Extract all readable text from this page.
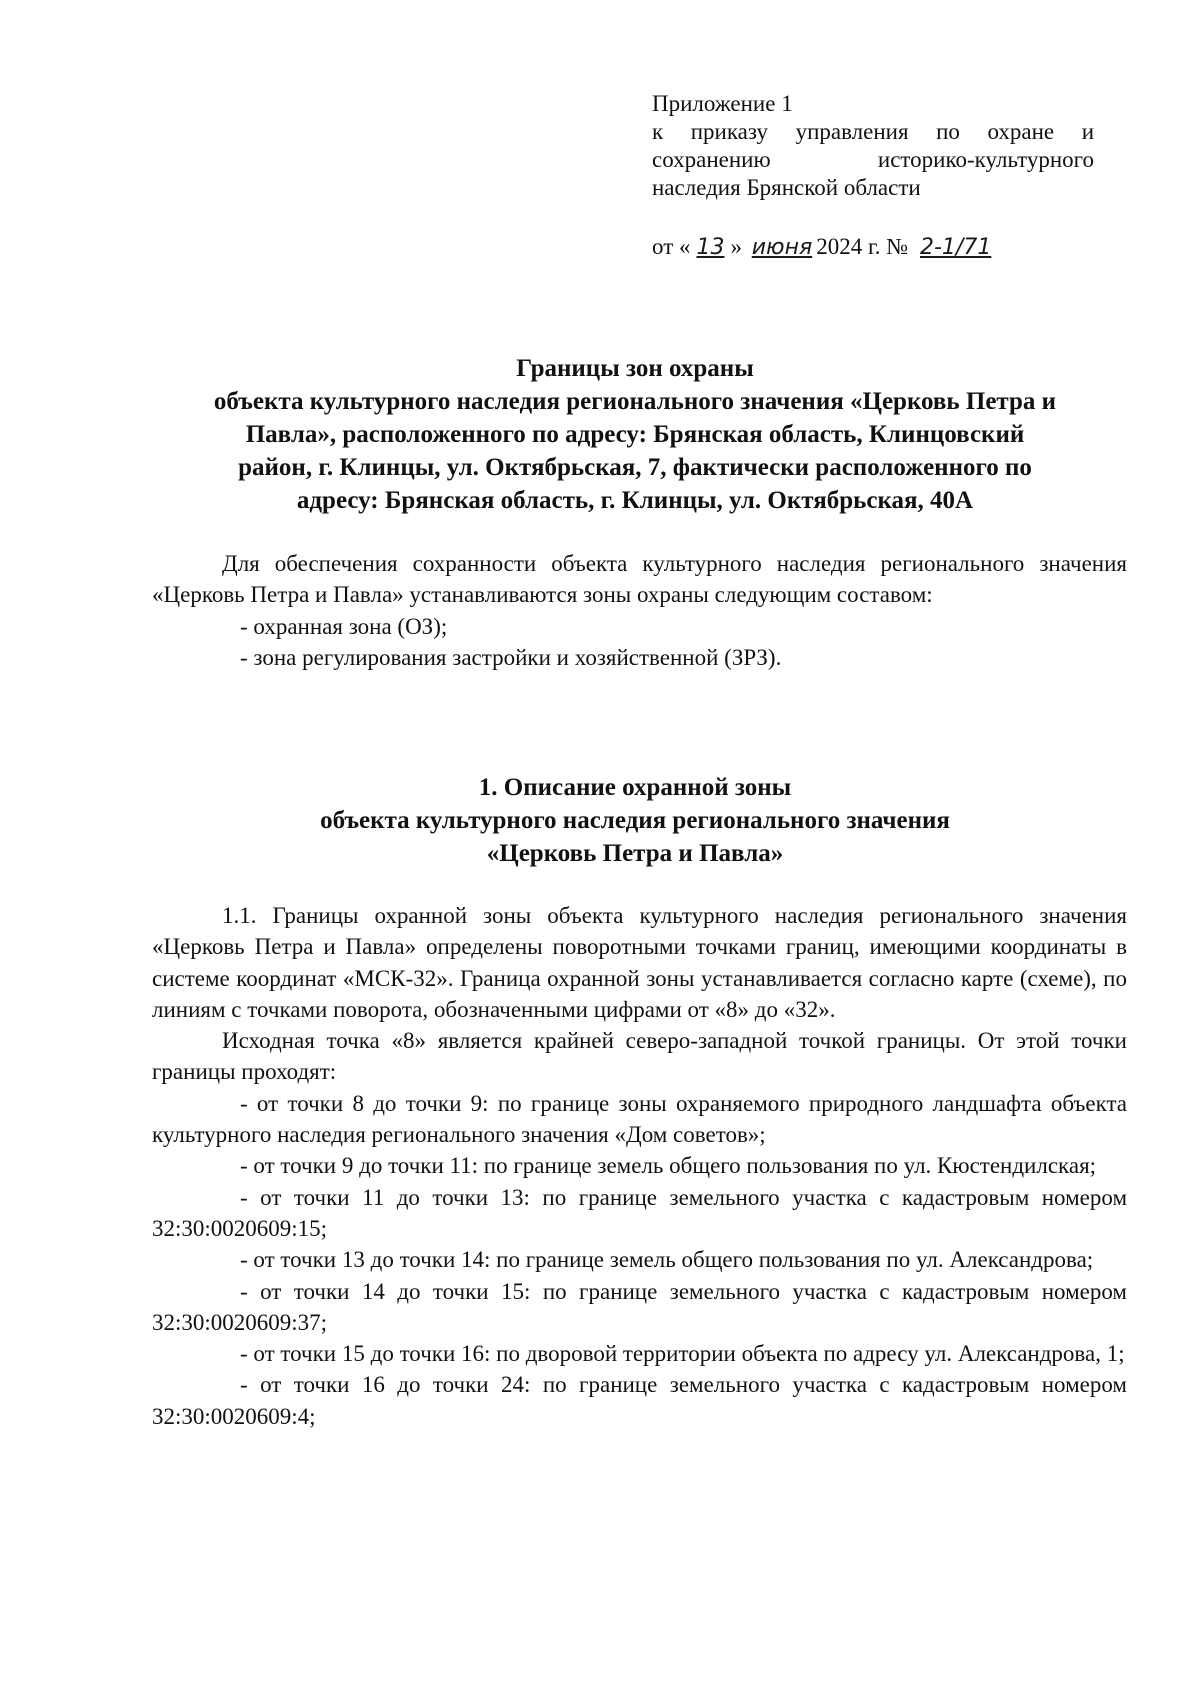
Приложение 1
к приказу управления по охране и
сохранению историко-культурного
наследия Брянской области
от « 13 » июня 2024 г. № 2-1/71
Границы зон охраны
объекта культурного наследия регионального значения «Церковь Петра и
Павла», расположенного по адресу: Брянская область, Клинцовский
район, г. Клинцы, ул. Октябрьская, 7, фактически расположенного по
адресу: Брянская область, г. Клинцы, ул. Октябрьская, 40А

Для обеспечения сохранности объекта культурного наследия регионального значения «Церковь Петра и Павла» устанавливаются зоны охраны следующим составом:

- охранная зона (ОЗ);

- зона регулирования застройки и хозяйственной (ЗРЗ).

1. Описание охранной зоны
объекта культурного наследия регионального значения
«Церковь Петра и Павла»

1.1. Границы охранной зоны объекта культурного наследия регионального значения «Церковь Петра и Павла» определены поворотными точками границ, имеющими координаты в системе координат «МСК-32». Граница охранной зоны устанавливается согласно карте (схеме), по линиям с точками поворота, обозначенными цифрами от «8» до «32».

Исходная точка «8» является крайней северо-западной точкой границы. От этой точки границы проходят:

- от точки 8 до точки 9: по границе зоны охраняемого природного ландшафта объекта культурного наследия регионального значения «Дом советов»;

- от точки 9 до точки 11: по границе земель общего пользования по ул. Кюстендилская;

- от точки 11 до точки 13: по границе земельного участка с кадастровым номером 32:30:0020609:15;

- от точки 13 до точки 14: по границе земель общего пользования по ул. Александрова;

- от точки 14 до точки 15: по границе земельного участка с кадастровым номером 32:30:0020609:37;

- от точки 15 до точки 16: по дворовой территории объекта по адресу ул. Александрова, 1;

- от точки 16 до точки 24: по границе земельного участка с кадастровым номером 32:30:0020609:4;
